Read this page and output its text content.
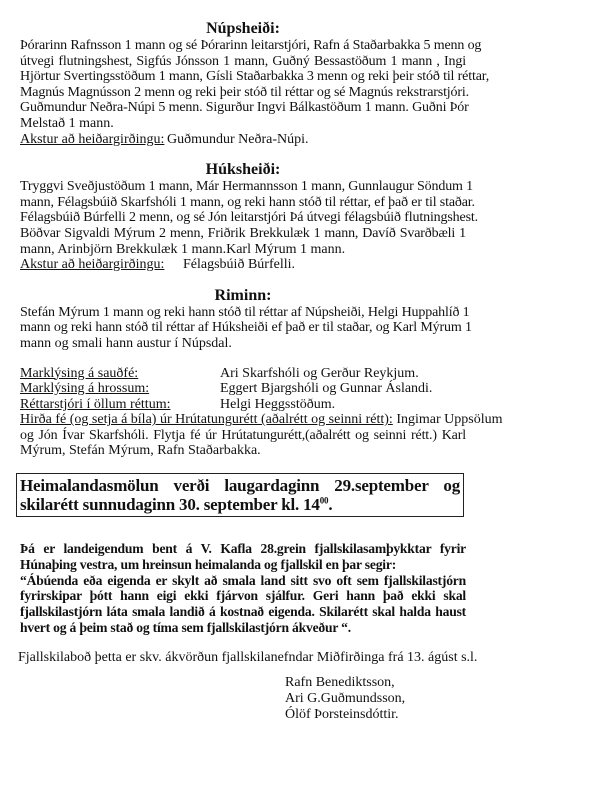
Núpsheiði:
Þórarinn Rafnsson 1 mann og sé Þórarinn leitarstjóri, Rafn á Staðarbakka 5 menn og
útvegi flutningshest, Sigfús Jónsson 1 mann, Guðný Bessastöðum 1 mann , Ingi
Hjörtur Svertingsstöðum 1 mann, Gísli Staðarbakka 3 menn og reki þeir stóð til réttar,
Magnús Magnússon 2 menn og reki þeir stóð til réttar og sé Magnús rekstrarstjóri.
Guðmundur Neðra-Núpi 5 menn. Sigurður Ingvi Bálkastöðum 1 mann. Guðni Þór
Melstað 1 mann.
Akstur að heiðargirðingu: Guðmundur Neðra-Núpi.
Húksheiði:
Tryggvi Sveðjustöðum 1 mann, Már Hermannsson 1 mann, Gunnlaugur Söndum 1
mann, Félagsbúið Skarfshóli 1 mann, og reki hann stóð til réttar, ef það er til staðar.
Félagsbúið Búrfelli 2 menn, og sé Jón leitarstjóri Þá útvegi félagsbúið flutningshest.
Böðvar Sigvaldi Mýrum 2 menn, Friðrik Brekkulæk 1 mann, Davíð Svarðbæli 1
mann, Arinbjörn Brekkulæk 1 mann.Karl Mýrum 1 mann.
Akstur að heiðargirðingu:	Félagsbúið Búrfelli.
Riminn:
Stefán Mýrum 1 mann og reki hann stóð til réttar af Núpsheiði, Helgi Huppahlíð 1
mann og reki hann stóð til réttar af Húksheiði ef það er til staðar, og Karl Mýrum 1
mann og smali hann austur í Núpsdal.
Marklýsing á sauðfé:	Ari Skarfshóli og Gerður Reykjum.
Marklýsing á hrossum:	Eggert Bjargshóli og Gunnar Áslandi.
Réttarstjóri í öllum réttum:	Helgi Heggsstöðum.
Hirða fé (og setja á bíla) úr Hrútatungurétt (aðalrétt og seinni rétt): Ingimar Uppsölum
og Jón Ívar Skarfshóli. Flytja fé úr Hrútatungurétt,(aðalrétt og seinni rétt.) Karl
Mýrum, Stefán Mýrum, Rafn Staðarbakka.
Heimalandasmölun verði laugardaginn 29.september og
skilarétt sunnudaginn 30. september kl. $14^{00}$.
Þá er landeigendum bent á V. Kafla 28.grein fjallskilasamþykktar fyrir
Húnaþing vestra, um hreinsun heimalanda og fjallskil en þar segir:
“Ábúenda eða eigenda er skylt að smala land sitt svo oft sem fjallskilastjórn
fyrirskipar þótt hann eigi ekki fjárvon sjálfur. Geri hann það ekki skal
fjallskilastjórn láta smala landið á kostnað eigenda. Skilarétt skal halda haust
hvert og á þeim stað og tíma sem fjallskilastjórn ákveður “.
Fjallskilaboð þetta er skv. ákvörðun fjallskilanefndar Miðfirðinga frá 13. ágúst s.l.
Rafn Benediktsson,
Ari G.Guðmundsson,
Ólöf Þorsteinsdóttir.
